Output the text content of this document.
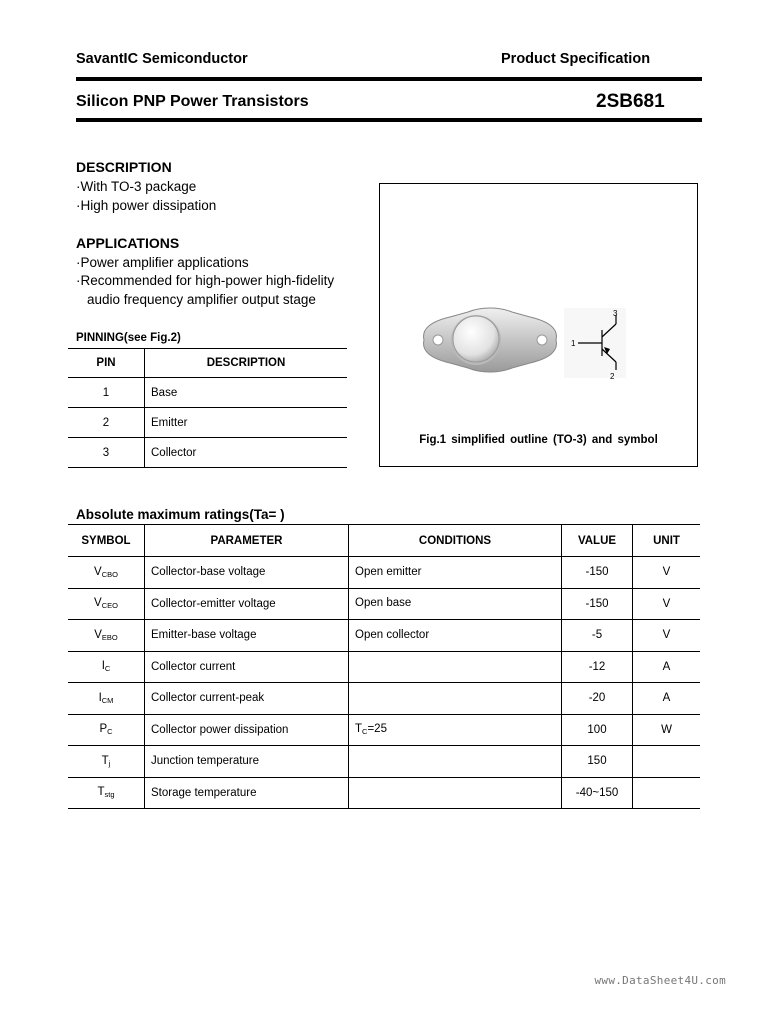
SavantIC Semiconductor	Product Specification
Silicon PNP Power Transistors	2SB681
DESCRIPTION
·With TO-3 package
·High power dissipation
APPLICATIONS
·Power amplifier applications
·Recommended for high-power high-fidelity
audio frequency amplifier output stage
PINNING(see Fig.2)
PIN	DESCRIPTION
1	Base
2	Emitter
3	Collector
1
3
2
Fig.1 simplified outline (TO-3) and symbol
Absolute maximum ratings(Ta= )
SYMBOL	PARAMETER	CONDITIONS	VALUE	UNIT
$V_{CBO}$	Collector-base voltage	Open emitter	-150	V
$V_{CEO}$	Collector-emitter voltage	Open base	-150	V
$V_{EBO}$	Emitter-base voltage	Open collector	-5	V
$I_C$	Collector current		-12	A
$I_{CM}$	Collector current-peak		-20	A
$P_C$	Collector power dissipation	$T_C=25$	100	W
$T_j$	Junction temperature		150	
$T_{stg}$	Storage temperature		-40~150	
www.DataSheet4U.com
